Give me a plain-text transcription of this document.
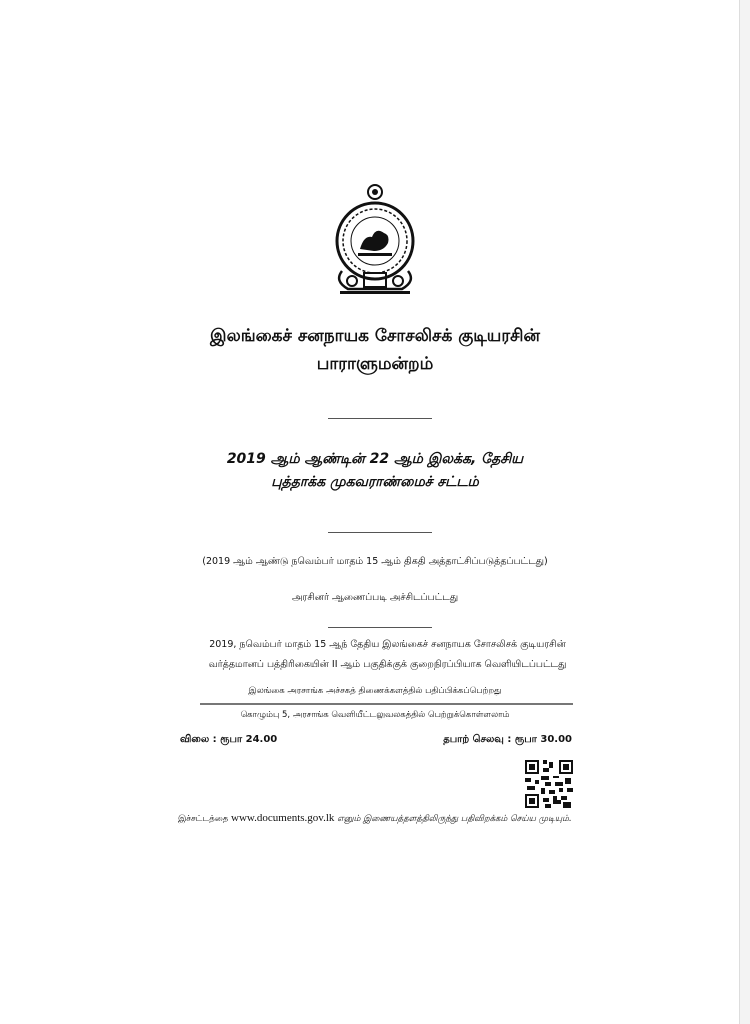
இலங்கைச் சனநாயக சோசலிசக் குடியரசின்
பாராளுமன்றம்
2019 ஆம் ஆண்டின் 22 ஆம் இலக்க, தேசிய
புத்தாக்க முகவராண்மைச் சட்டம்
(2019 ஆம் ஆண்டு நவெம்பர் மாதம் 15 ஆம் திகதி அத்தாட்சிப்படுத்தப்பட்டது)
அரசினர் ஆணைப்படி அச்சிடப்பட்டது
2019, நவெம்பர் மாதம் 15 ஆந் தேதிய இலங்கைச் சனநாயக சோசலிசக் குடியரசின்
வர்த்தமானப் பத்திரிகையின் II ஆம் பகுதிக்குக் குறைநிரப்பியாக வெளியிடப்பட்டது
இலங்கை அரசாங்க அச்சகத் திணைக்களத்தில் பதிப்பிக்கப்பெற்றது
கொழும்பு 5, அரசாங்க வெளியீட்டலுவலகத்தில் பெற்றுக்கொள்ளலாம்
விலை : ரூபா 24.00	தபாற் செலவு : ரூபா 30.00
இச்சட்டத்தை www.documents.gov.lk எனும் இணையத்தளத்திலிருந்து பதிவிறக்கம் செய்ய முடியும்.
